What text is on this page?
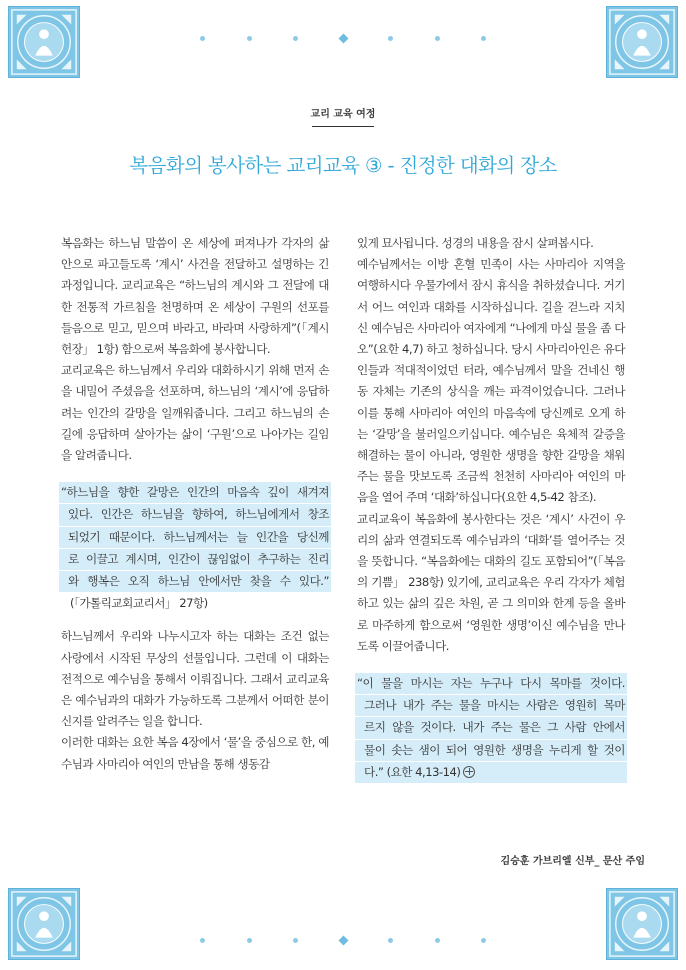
교리 교육 여정
복음화의 봉사하는 교리교육 ③ - 진정한 대화의 장소

복음화는 하느님 말씀이 온 세상에 퍼져나가 각자의 삶 안으로 파고들도록 ‘계시’ 사건을 전달하고 설명하는 긴 과정입니다. 교리교육은 “하느님의 계시와 그 전달에 대한 전통적 가르침을 천명하며 온 세상이 구원의 선포를 들음으로 믿고, 믿으며 바라고, 바라며 사랑하게”(「계시헌장」 1항) 함으로써 복음화에 봉사합니다.

교리교육은 하느님께서 우리와 대화하시기 위해 먼저 손을 내밀어 주셨음을 선포하며, 하느님의 ‘계시’에 응답하려는 인간의 갈망을 일깨워줍니다. 그리고 하느님의 손길에 응답하며 살아가는 삶이 ‘구원’으로 나아가는 길임을 알려줍니다.

“하느님을 향한 갈망은 인간의 마음속 깊이 새겨져
있다. 인간은 하느님을 향하여, 하느님에게서 창조
되었기 때문이다. 하느님께서는 늘 인간을 당신께
로 이끌고 계시며, 인간이 끊임없이 추구하는 진리
와 행복은 오직 하느님 안에서만 찾을 수 있다.”
(「가톨릭교회교리서」 27항)

하느님께서 우리와 나누시고자 하는 대화는 조건 없는 사랑에서 시작된 무상의 선물입니다. 그런데 이 대화는 전적으로 예수님을 통해서 이뤄집니다. 그래서 교리교육은 예수님과의 대화가 가능하도록 그분께서 어떠한 분이신지를 알려주는 일을 합니다.

이러한 대화는 요한 복음 4장에서 ‘물’을 중심으로 한, 예수님과 사마리아 여인의 만남을 통해 생동감

있게 묘사됩니다. 성경의 내용을 잠시 살펴봅시다.

예수님께서는 이방 혼혈 민족이 사는 사마리아 지역을 여행하시다 우물가에서 잠시 휴식을 취하셨습니다. 거기서 어느 여인과 대화를 시작하십니다. 길을 걷느라 지치신 예수님은 사마리아 여자에게 “나에게 마실 물을 좀 다오”(요한 4,7) 하고 청하십니다. 당시 사마리아인은 유다인들과 적대적이었던 터라, 예수님께서 말을 건네신 행동 자체는 기존의 상식을 깨는 파격이었습니다. 그러나 이를 통해 사마리아 여인의 마음속에 당신께로 오게 하는 ‘갈망’을 불러일으키십니다. 예수님은 육체적 갈증을 해결하는 물이 아니라, 영원한 생명을 향한 갈망을 채워주는 물을 맛보도록 조금씩 천천히 사마리아 여인의 마음을 열어 주며 ‘대화’하십니다(요한 4,5-42 참조).

교리교육이 복음화에 봉사한다는 것은 ‘계시’ 사건이 우리의 삶과 연결되도록 예수님과의 ‘대화’를 열어주는 것을 뜻합니다. “복음화에는 대화의 길도 포함되어”(「복음의 기쁨」 238항) 있기에, 교리교육은 우리 각자가 체험하고 있는 삶의 깊은 차원, 곧 그 의미와 한계 등을 올바로 마주하게 함으로써 ‘영원한 생명’이신 예수님을 만나도록 이끌어줍니다.

“이 물을 마시는 자는 누구나 다시 목마를 것이다.
그러나 내가 주는 물을 마시는 사람은 영원히 목마
르지 않을 것이다. 내가 주는 물은 그 사람 안에서
물이 솟는 샘이 되어 영원한 생명을 누리게 할 것이
다.” (요한 4,13-14)
김승훈 가브리엘 신부_ 문산 주임
